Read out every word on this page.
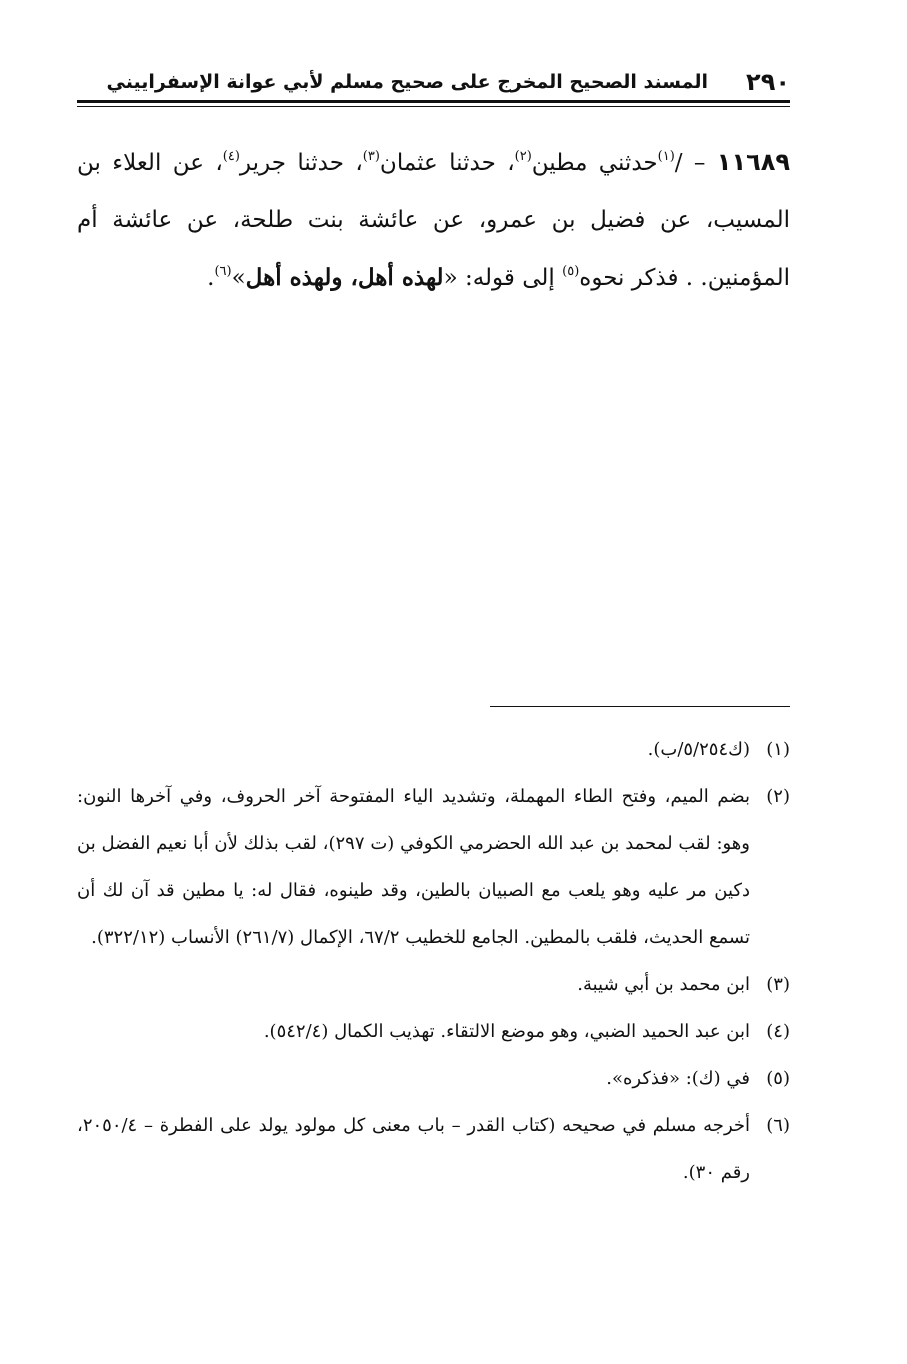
٢٩٠
المسند الصحيح المخرج على صحيح مسلم لأبي عوانة الإسفراييني
١١٦٨٩ – /$^{(١)}$حدثني مطين$^{(٢)}$، حدثنا عثمان$^{(٣)}$، حدثنا جرير$^{(٤)}$، عن العلاء بن المسيب، عن فضيل بن عمرو، عن عائشة بنت طلحة، عن عائشة أم المؤمنين. . فذكر نحوه$^{(٥)}$ إلى قوله: «لهذه أهل، ولهذه أهل»$^{(٦)}$.

(١)(ك٥/٢٥٤/ب).

(٢)بضم الميم، وفتح الطاء المهملة، وتشديد الياء المفتوحة آخر الحروف، وفي آخرها النون: وهو: لقب لمحمد بن عبد الله الحضرمي الكوفي (ت ٢٩٧)، لقب بذلك لأن أبا نعيم الفضل بن دكين مر عليه وهو يلعب مع الصبيان بالطين، وقد طينوه، فقال له: يا مطين قد آن لك أن تسمع الحديث، فلقب بالمطين. الجامع للخطيب ٦٧/٢، الإكمال (٢٦١/٧) الأنساب (٣٢٢/١٢).

(٣)ابن محمد بن أبي شيبة.

(٤)ابن عبد الحميد الضبي، وهو موضع الالتقاء. تهذيب الكمال (٥٤٢/٤).

(٥)في (ك): «فذكره».

(٦)أخرجه مسلم في صحيحه (كتاب القدر – باب معنى كل مولود يولد على الفطرة – ٢٠٥٠/٤، رقم ٣٠).
